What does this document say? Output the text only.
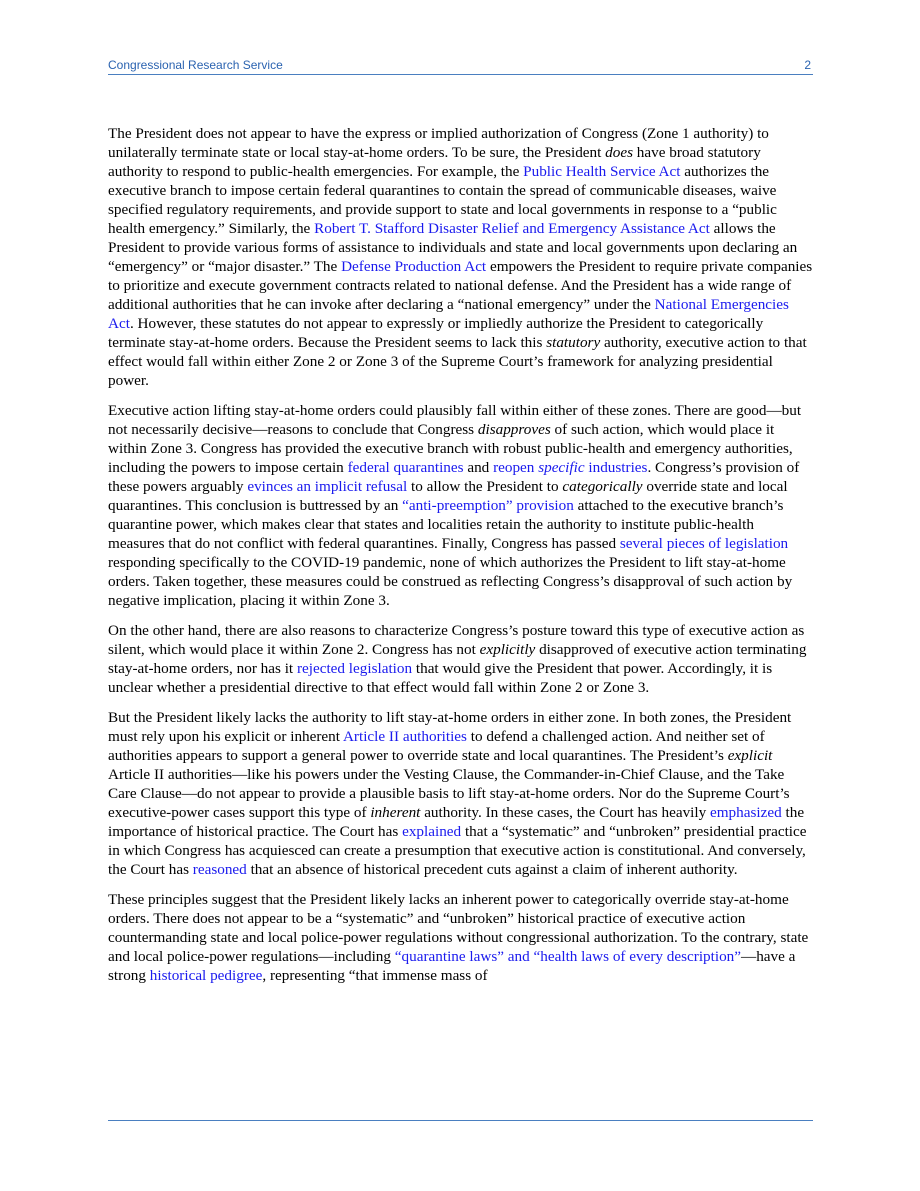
Congressional Research Service	2

The President does not appear to have the express or implied authorization of Congress (Zone 1 authority) to unilaterally terminate state or local stay-at-home orders. To be sure, the President does have broad statutory authority to respond to public-health emergencies. For example, the Public Health Service Act authorizes the executive branch to impose certain federal quarantines to contain the spread of communicable diseases, waive specified regulatory requirements, and provide support to state and local governments in response to a “public health emergency.” Similarly, the Robert T. Stafford Disaster Relief and Emergency Assistance Act allows the President to provide various forms of assistance to individuals and state and local governments upon declaring an “emergency” or “major disaster.” The Defense Production Act empowers the President to require private companies to prioritize and execute government contracts related to national defense. And the President has a wide range of additional authorities that he can invoke after declaring a “national emergency” under the National Emergencies Act. However, these statutes do not appear to expressly or impliedly authorize the President to categorically terminate stay-at-home orders. Because the President seems to lack this statutory authority, executive action to that effect would fall within either Zone 2 or Zone 3 of the Supreme Court’s framework for analyzing presidential power.

Executive action lifting stay-at-home orders could plausibly fall within either of these zones. There are good—but not necessarily decisive—reasons to conclude that Congress disapproves of such action, which would place it within Zone 3. Congress has provided the executive branch with robust public-health and emergency authorities, including the powers to impose certain federal quarantines and reopen specific industries. Congress’s provision of these powers arguably evinces an implicit refusal to allow the President to categorically override state and local quarantines. This conclusion is buttressed by an “anti-preemption” provision attached to the executive branch’s quarantine power, which makes clear that states and localities retain the authority to institute public-health measures that do not conflict with federal quarantines. Finally, Congress has passed several pieces of legislation responding specifically to the COVID-19 pandemic, none of which authorizes the President to lift stay-at-home orders. Taken together, these measures could be construed as reflecting Congress’s disapproval of such action by negative implication, placing it within Zone 3.

On the other hand, there are also reasons to characterize Congress’s posture toward this type of executive action as silent, which would place it within Zone 2. Congress has not explicitly disapproved of executive action terminating stay-at-home orders, nor has it rejected legislation that would give the President that power. Accordingly, it is unclear whether a presidential directive to that effect would fall within Zone 2 or Zone 3.

But the President likely lacks the authority to lift stay-at-home orders in either zone. In both zones, the President must rely upon his explicit or inherent Article II authorities to defend a challenged action. And neither set of authorities appears to support a general power to override state and local quarantines. The President’s explicit Article II authorities—like his powers under the Vesting Clause, the Commander-in-Chief Clause, and the Take Care Clause—do not appear to provide a plausible basis to lift stay-at-home orders. Nor do the Supreme Court’s executive-power cases support this type of inherent authority. In these cases, the Court has heavily emphasized the importance of historical practice. The Court has explained that a “systematic” and “unbroken” presidential practice in which Congress has acquiesced can create a presumption that executive action is constitutional. And conversely, the Court has reasoned that an absence of historical precedent cuts against a claim of inherent authority.

These principles suggest that the President likely lacks an inherent power to categorically override stay-at-home orders. There does not appear to be a “systematic” and “unbroken” historical practice of executive action countermanding state and local police-power regulations without congressional authorization. To the contrary, state and local police-power regulations—including “quarantine laws” and “health laws of every description”—have a strong historical pedigree, representing “that immense mass of
